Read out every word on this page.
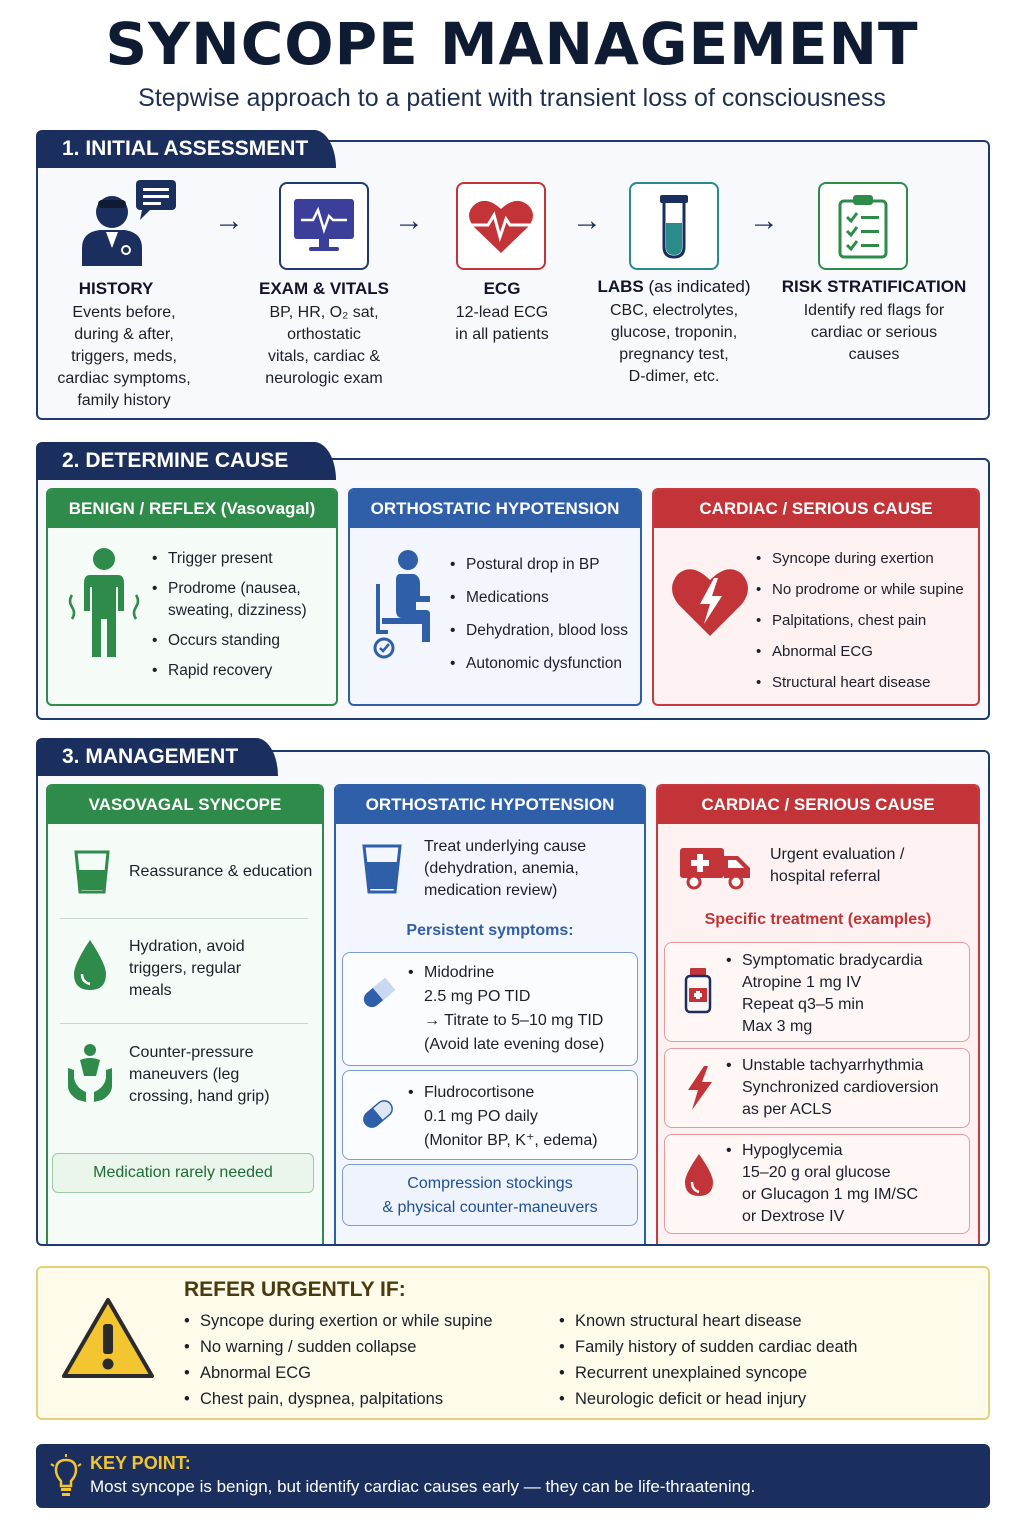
SYNCOPE MANAGEMENT
Stepwise approach to a patient with transient loss of consciousness
1. INITIAL ASSESSMENT
→	→	→	→
HISTORY
Events before,
during & after,
triggers, meds,
cardiac symptoms,
family history
EXAM & VITALS
BP, HR, O₂ sat,
orthostatic
vitals, cardiac &
neurologic exam
ECG
12-lead ECG
in all patients
LABS (as indicated)
CBC, electrolytes,
glucose, troponin,
pregnancy test,
D-dimer, etc.
RISK STRATIFICATION
Identify red flags for
cardiac or serious
causes
2. DETERMINE CAUSE
BENIGN / REFLEX (Vasovagal)
• Trigger present
• Prodrome (nausea, sweating, dizziness)
• Occurs standing
• Rapid recovery
ORTHOSTATIC HYPOTENSION
• Postural drop in BP
• Medications
• Dehydration, blood loss
• Autonomic dysfunction
CARDIAC / SERIOUS CAUSE
• Syncope during exertion
• No prodrome or while supine
• Palpitations, chest pain
• Abnormal ECG
• Structural heart disease
3. MANAGEMENT
VASOVAGAL SYNCOPE
Reassurance & education
Hydration, avoid triggers, regular meals
Counter-pressure maneuvers (leg crossing, hand grip)
Medication rarely needed
ORTHOSTATIC HYPOTENSION
Treat underlying cause (dehydration, anemia, medication review)
Persistent symptoms:
• Midodrine
2.5 mg PO TID
→ Titrate to 5–10 mg TID
(Avoid late evening dose)
• Fludrocortisone
0.1 mg PO daily
(Monitor BP, K⁺, edema)
Compression stockings
& physical counter-maneuvers
CARDIAC / SERIOUS CAUSE
Urgent evaluation /
hospital referral
Specific treatment (examples)
• Symptomatic bradycardia
Atropine 1 mg IV
Repeat q3–5 min
Max 3 mg
• Unstable tachyarrhythmia
Synchronized cardioversion
as per ACLS
• Hypoglycemia
15–20 g oral glucose
or Glucagon 1 mg IM/SC
or Dextrose IV
REFER URGENTLY IF:
• Syncope during exertion or while supine
• No warning / sudden collapse
• Abnormal ECG
• Chest pain, dyspnea, palpitations
• Known structural heart disease
• Family history of sudden cardiac death
• Recurrent unexplained syncope
• Neurologic deficit or head injury
KEY POINT:
Most syncope is benign, but identify cardiac causes early — they can be life-thraatening.
